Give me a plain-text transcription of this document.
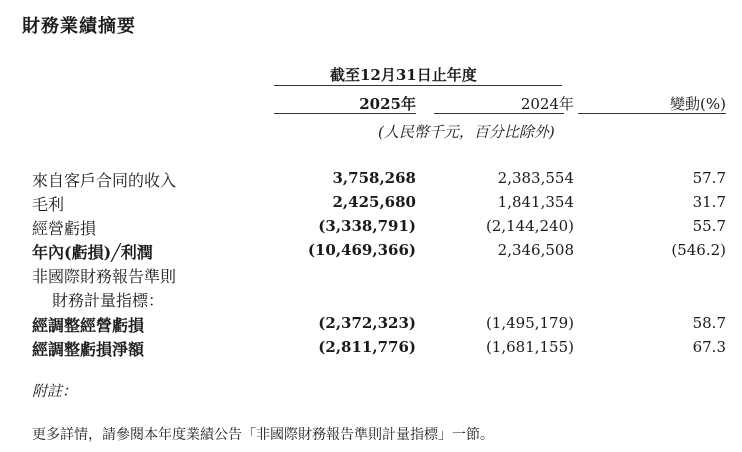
財務業績摘要
截至12月31日止年度
2025年	2024年	變動(%)
(人民幣千元，百分比除外)
來自客戶合同的收入	3,758,268	2,383,554	57.7
毛利	2,425,680	1,841,354	31.7
經營虧損	(3,338,791)	(2,144,240)	55.7
年內(虧損)╱利潤	(10,469,366)	2,346,508	(546.2)
非國際財務報告準則
財務計量指標：
經調整經營虧損	(2,372,323)	(1,495,179)	58.7
經調整虧損淨額	(2,811,776)	(1,681,155)	67.3
附註：
更多詳情，請參閱本年度業績公告「非國際財務報告準則計量指標」一節。
